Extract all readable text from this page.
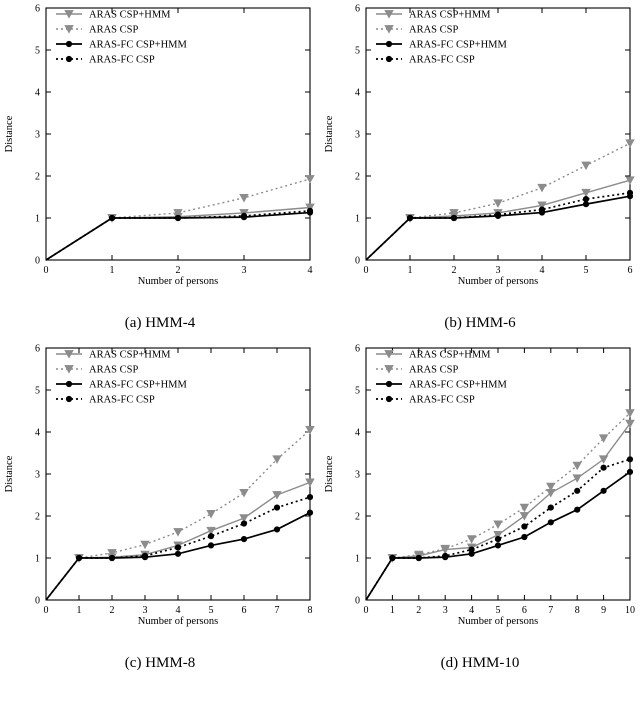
0
1
2
3
4
5
6
0	1	2	3	4
Number of persons
Distance
ARAS CSP+HMM
ARAS CSP
ARAS-FC CSP+HMM
ARAS-FC CSP
(a) HMM-4
0
1
2
3
4
5
6
0	1	2	3	4	5	6
Number of persons
Distance
ARAS CSP+HMM
ARAS CSP
ARAS-FC CSP+HMM
ARAS-FC CSP
(b) HMM-6
0
1
2
3
4
5
6
0	1	2	3	4	5	6	7	8
Number of persons
Distance
ARAS CSP+HMM
ARAS CSP
ARAS-FC CSP+HMM
ARAS-FC CSP
(c) HMM-8
0
1
2
3
4
5
6
0 1 2 3 4 5 6 7 8 9 10
Number of persons
Distance
ARAS CSP+HMM
ARAS CSP
ARAS-FC CSP+HMM
ARAS-FC CSP
(d) HMM-10
